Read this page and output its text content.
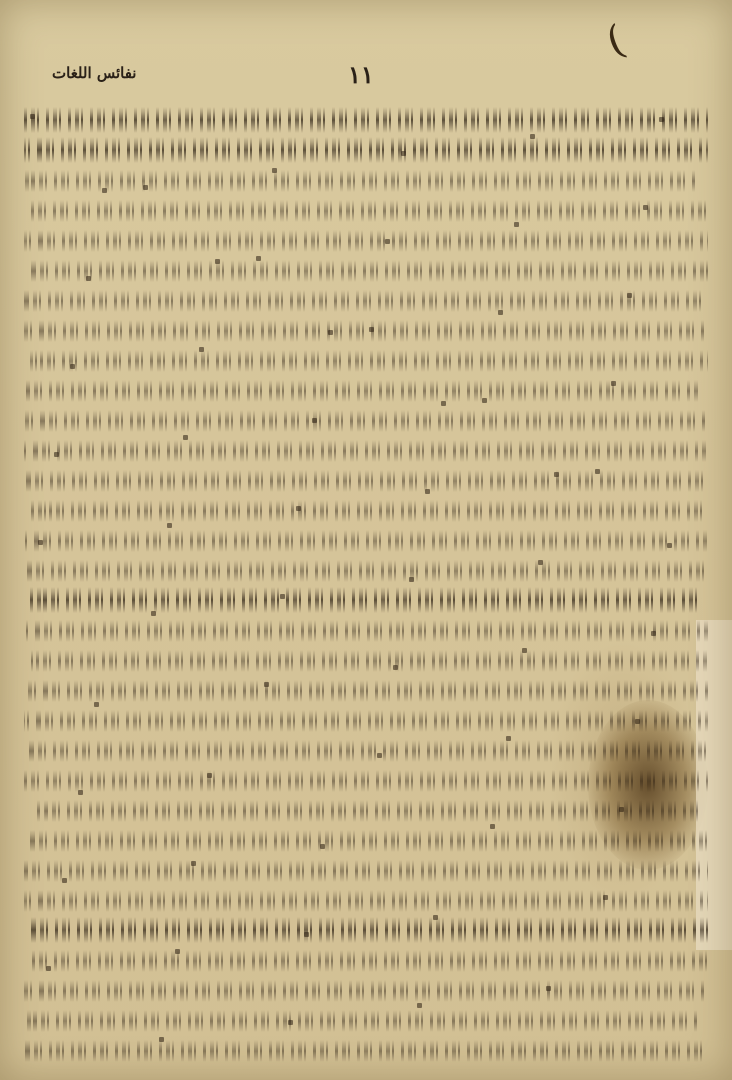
(
نفائس اللغات	۱۱
